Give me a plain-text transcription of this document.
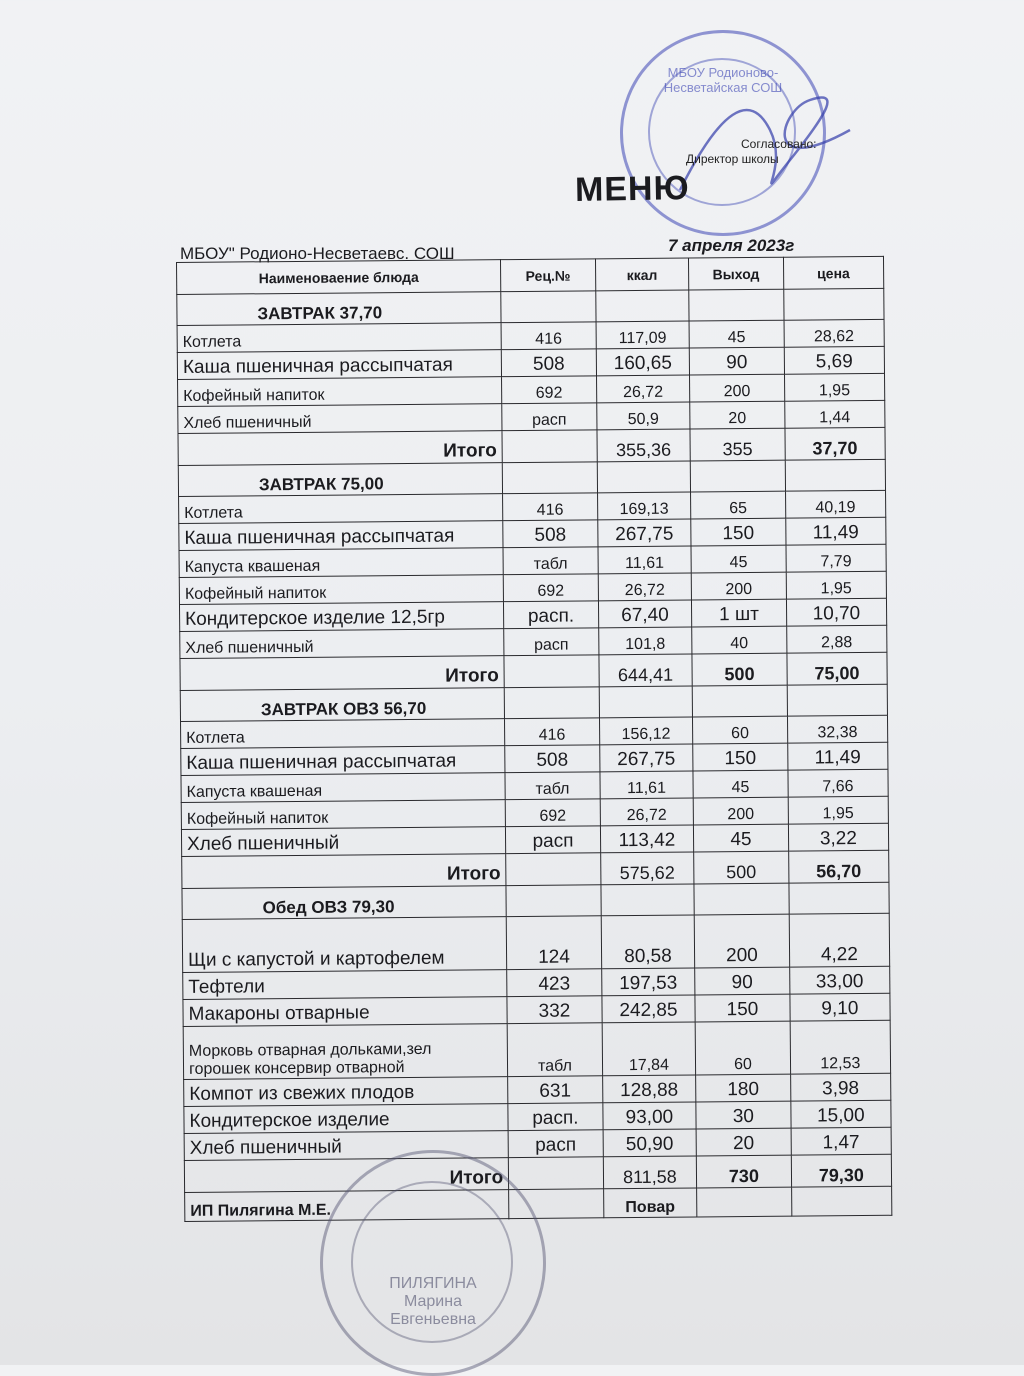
МБОУ Родионово-Несветайская СОШ
Согласовано:
Директор школы
МЕНЮ
МБОУ" Родионо-Несветаевс. СОШ	7 апреля 2023г
Наименоваение блюда	Рец.№	ккал	Выход	цена
ЗАВТРАК 37,70				
Котлета	416	117,09	45	28,62
Каша пшеничная рассыпчатая	508	160,65	90	5,69
Кофейный напиток	692	26,72	200	1,95
Хлеб пшеничный	расп	50,9	20	1,44
Итого		355,36	355	37,70
ЗАВТРАК 75,00				
Котлета	416	169,13	65	40,19
Каша пшеничная рассыпчатая	508	267,75	150	11,49
Капуста квашеная	табл	11,61	45	7,79
Кофейный напиток	692	26,72	200	1,95
Кондитерское изделие 12,5гр	расп.	67,40	1 шт	10,70
Хлеб пшеничный	расп	101,8	40	2,88
Итого		644,41	500	75,00
ЗАВТРАК ОВЗ 56,70				
Котлета	416	156,12	60	32,38
Каша пшеничная рассыпчатая	508	267,75	150	11,49
Капуста квашеная	табл	11,61	45	7,66
Кофейный напиток	692	26,72	200	1,95
Хлеб пшеничный	расп	113,42	45	3,22
Итого		575,62	500	56,70
Обед ОВЗ 79,30				
Щи с капустой и картофелем	124	80,58	200	4,22
Тефтели	423	197,53	90	33,00
Макароны отварные	332	242,85	150	9,10
Морковь отварная дольками,зел
горошек консервир отварной	табл	17,84	60	12,53
Компот из свежих плодов	631	128,88	180	3,98
Кондитерское изделие	расп.	93,00	30	15,00
Хлеб пшеничный	расп	50,90	20	1,47
Итого		811,58	730	79,30
ИП Пилягина М.Е.		Повар		
ПИЛЯГИНА Марина Евгеньевна
